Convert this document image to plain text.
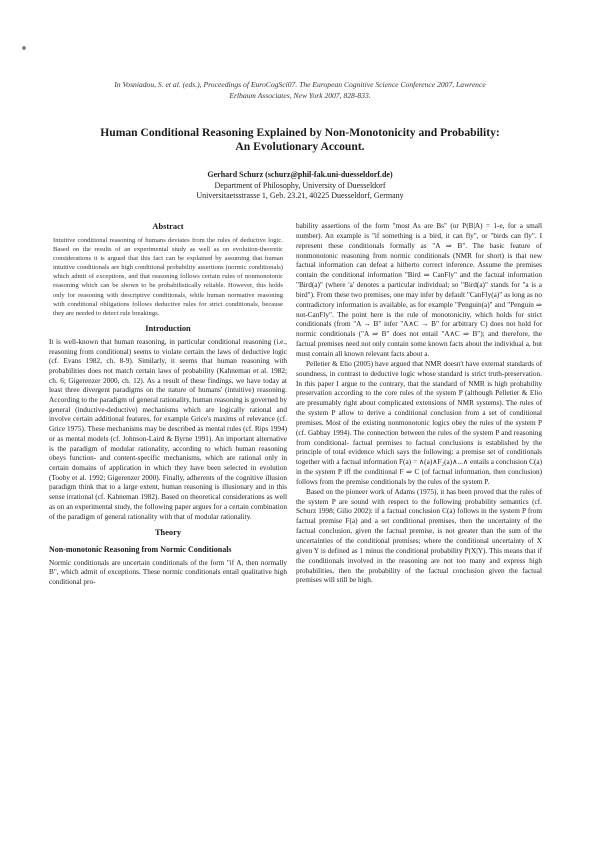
In Vosniadou, S. et al. (eds.), Proceedings of EuroCogSci07. The European Cognitive Science Conference 2007, Lawrence
Erlbaum Associates, New York 2007, 828-833.
Human Conditional Reasoning Explained by Non-Monotonicity and Probability:
An Evolutionary Account.
Gerhard Schurz (schurz@phil-fak.uni-duesseldorf.de)
Department of Philosophy, University of Duesseldorf
Universitaetsstrasse 1, Geb. 23.21, 40225 Duesseldorf, Germany
Abstract

Intuitive conditional reasoning of humans deviates from the rules of deductive logic. Based on the results of an experimental study as well as on evolution-theoretic considerations it is argued that this fact can be explained by assuming that human intuitive conditionals are high conditional probability assertions (normic conditionals) which admit of exceptions, and that reasoning follows certain rules of nonmonotonic reasoning which can be shown to be probabilistically reliable. However, this holds only for reasoning with descriptive conditionals, while human normative reasoning with conditional obligations follows deductive rules for strict conditionals, because they are needed to detect rule breakings.

Introduction

It is well-known that human reasoning, in particular conditional reasoning (i.e., reasoning from conditional) seems to violate certain the laws of deductive logic (cf. Evans 1982, ch. 8-9). Similarly, it seems that human reasoning with probabilities does not match certain laws of probability (Kahneman et al. 1982; ch. 6; Gigerenzer 2000, ch. 12). As a result of these findings, we have today at least three divergent paradigms on the nature of humans' (intuitive) reasoning. According to the paradigm of general rationality, human reasoning is governed by general (inductive-deductive) mechanisms which are logically rational and involve certain additional features, for example Grice's maxims of relevance (cf. Grice 1975). These mechanisms may be described as mental rules (cf. Rips 1994) or as mental models (cf. Johnson-Laird & Byrne 1991). An important alternative is the paradigm of modular rationality, according to which human reasoning obeys function- and content-specific mechanisms, which are rational only in certain domains of application in which they have been selected in evolution (Tooby et al. 1992; Gigerenzer 2000). Finally, adherents of the cognitive illusion paradigm think that to a large extent, human reasoning is illusionary and in this sense irrational (cf. Kahneman 1982). Based on theoretical considerations as well as on an experimental study, the following paper argues for a certain combination of the paradigm of general rationality with that of modular rationality.

Theory
Non-monotonic Reasoning from Normic Conditionals

Normic conditionals are uncertain conditionals of the form "if A, then normally B", which admit of exceptions. These normic conditionals entail qualitative high conditional pro-

bability assertions of the form "most As are Bs" (or P(B|A) = 1-e, for a small number). An example is "if something is a bird, it can fly", or "birds can fly". I represent these conditionals formally as "A ⇒ B". The basic feature of nonmonotonic reasoning from normic conditionals (NMR for short) is that new factual information can defeat a hitherto correct inference. Assume the premises contain the conditional information "Bird ⇒ CanFly" and the factual information "Bird(a)" (where 'a' denotes a particular individual; so "Bird(a)" stands for "a is a bird"). From these two premises, one may infer by default "CanFly(a)" as long as no contradictory information is available, as for example "Penguin(a)" and "Penguin ⇒ not-CanFly". The point here is the rule of monotonicity, which holds for strict conditionals (from "A → B" infer "A∧C → B" for arbitrary C) does not hold for normic conditionals ("A ⇒ B" does not entail "A∧C ⇒ B"); and therefore, the factual premises need not only contain some known facts about the individual a, but must contain all known relevant facts about a.

Pelletier & Elio (2005) have argued that NMR doesn't have external standards of soundness, in contrast to deductive logic whose standard is strict truth-preservation. In this paper I argue to the contrary, that the standard of NMR is high probability preservation according to the core rules of the system P (although Pelletier & Elio are presumably right about complicated extensions of NMR systems). The rules of the system P allow to derive a conditional conclusion from a set of conditional premises. Most of the existing nonmonotonic logics obey the rules of the system P (cf. Gabbay 1994). The connection between the rules of the system P and reasoning from conditional- factual premises to factual conclusions is established by the principle of total evidence which says the following: a premise set of conditionals together with a factual information F(a) = ∧(a)∧F₂(a)∧...∧ entails a conclusion C(a) in the system P iff the conditional F ⇒ C (of factual information, then conclusion) follows from the premise conditionals by the rules of the system P.

Based on the pioneer work of Adams (1975), it has been proved that the rules of the system P are sound with respect to the following probability semantics (cf. Schurz 1998; Gilio 2002): if a factual conclusion C(a) follows in the system P from factual premise F(a) and a set conditional premises, then the uncertainty of the factual conclusion, given the factual premise, is not greater than the sum of the uncertainties of the conditional premises; where the conditional uncertainty of X given Y is defined as 1 minus the conditional probability P(X|Y). This means that if the conditionals involved in the reasoning are not too many and express high probabilities, then the probability of the factual conclusion given the factual premises will still be high.
